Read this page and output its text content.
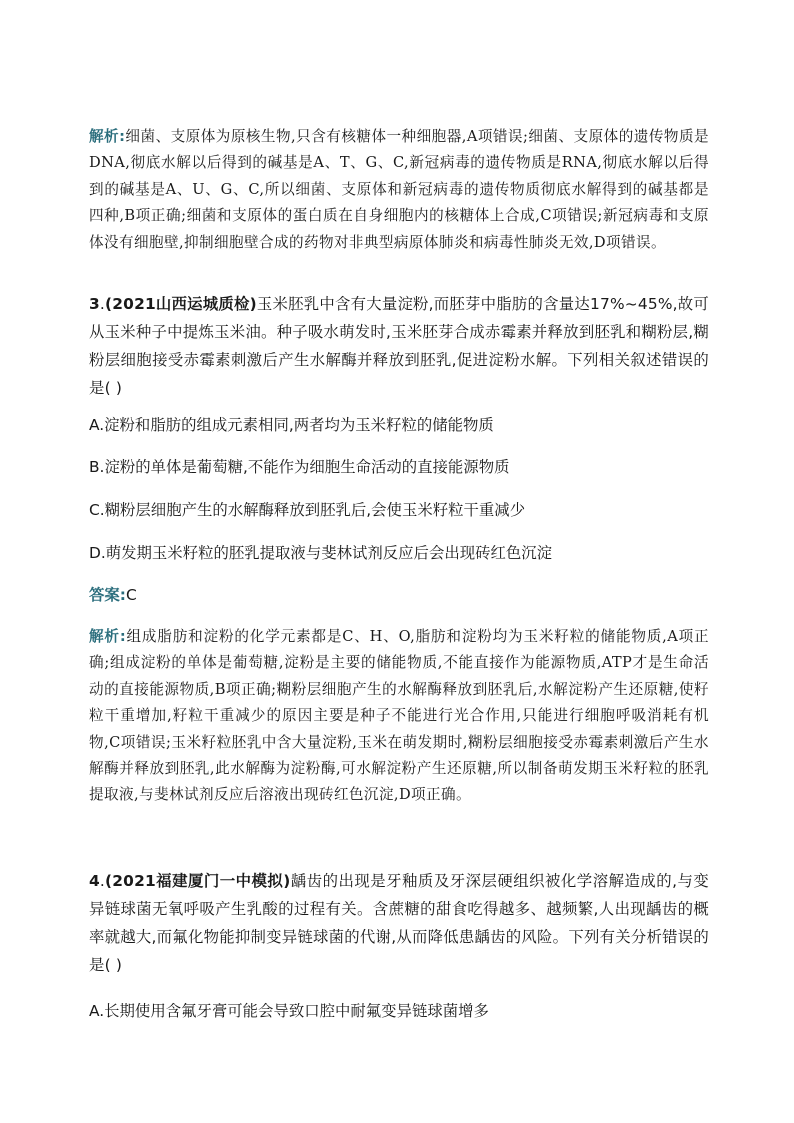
解析:细菌、支原体为原核生物,只含有核糖体一种细胞器,A项错误;细菌、支原体的遗传物质是DNA,彻底水解以后得到的碱基是A、T、G、C,新冠病毒的遗传物质是RNA,彻底水解以后得到的碱基是A、U、G、C,所以细菌、支原体和新冠病毒的遗传物质彻底水解得到的碱基都是四种,B项正确;细菌和支原体的蛋白质在自身细胞内的核糖体上合成,C项错误;新冠病毒和支原体没有细胞壁,抑制细胞壁合成的药物对非典型病原体肺炎和病毒性肺炎无效,D项错误。
3.(2021山西运城质检)玉米胚乳中含有大量淀粉,而胚芽中脂肪的含量达17%~45%,故可从玉米种子中提炼玉米油。种子吸水萌发时,玉米胚芽合成赤霉素并释放到胚乳和糊粉层,糊粉层细胞接受赤霉素刺激后产生水解酶并释放到胚乳,促进淀粉水解。下列相关叙述错误的是( )
A.淀粉和脂肪的组成元素相同,两者均为玉米籽粒的储能物质
B.淀粉的单体是葡萄糖,不能作为细胞生命活动的直接能源物质
C.糊粉层细胞产生的水解酶释放到胚乳后,会使玉米籽粒干重减少
D.萌发期玉米籽粒的胚乳提取液与斐林试剂反应后会出现砖红色沉淀
答案:C
解析:组成脂肪和淀粉的化学元素都是C、H、O,脂肪和淀粉均为玉米籽粒的储能物质,A项正确;组成淀粉的单体是葡萄糖,淀粉是主要的储能物质,不能直接作为能源物质,ATP才是生命活动的直接能源物质,B项正确;糊粉层细胞产生的水解酶释放到胚乳后,水解淀粉产生还原糖,使籽粒干重增加,籽粒干重减少的原因主要是种子不能进行光合作用,只能进行细胞呼吸消耗有机物,C项错误;玉米籽粒胚乳中含大量淀粉,玉米在萌发期时,糊粉层细胞接受赤霉素刺激后产生水解酶并释放到胚乳,此水解酶为淀粉酶,可水解淀粉产生还原糖,所以制备萌发期玉米籽粒的胚乳提取液,与斐林试剂反应后溶液出现砖红色沉淀,D项正确。
4.(2021福建厦门一中模拟)龋齿的出现是牙釉质及牙深层硬组织被化学溶解造成的,与变异链球菌无氧呼吸产生乳酸的过程有关。含蔗糖的甜食吃得越多、越频繁,人出现龋齿的概率就越大,而氟化物能抑制变异链球菌的代谢,从而降低患龋齿的风险。下列有关分析错误的是( )
A.长期使用含氟牙膏可能会导致口腔中耐氟变异链球菌增多
